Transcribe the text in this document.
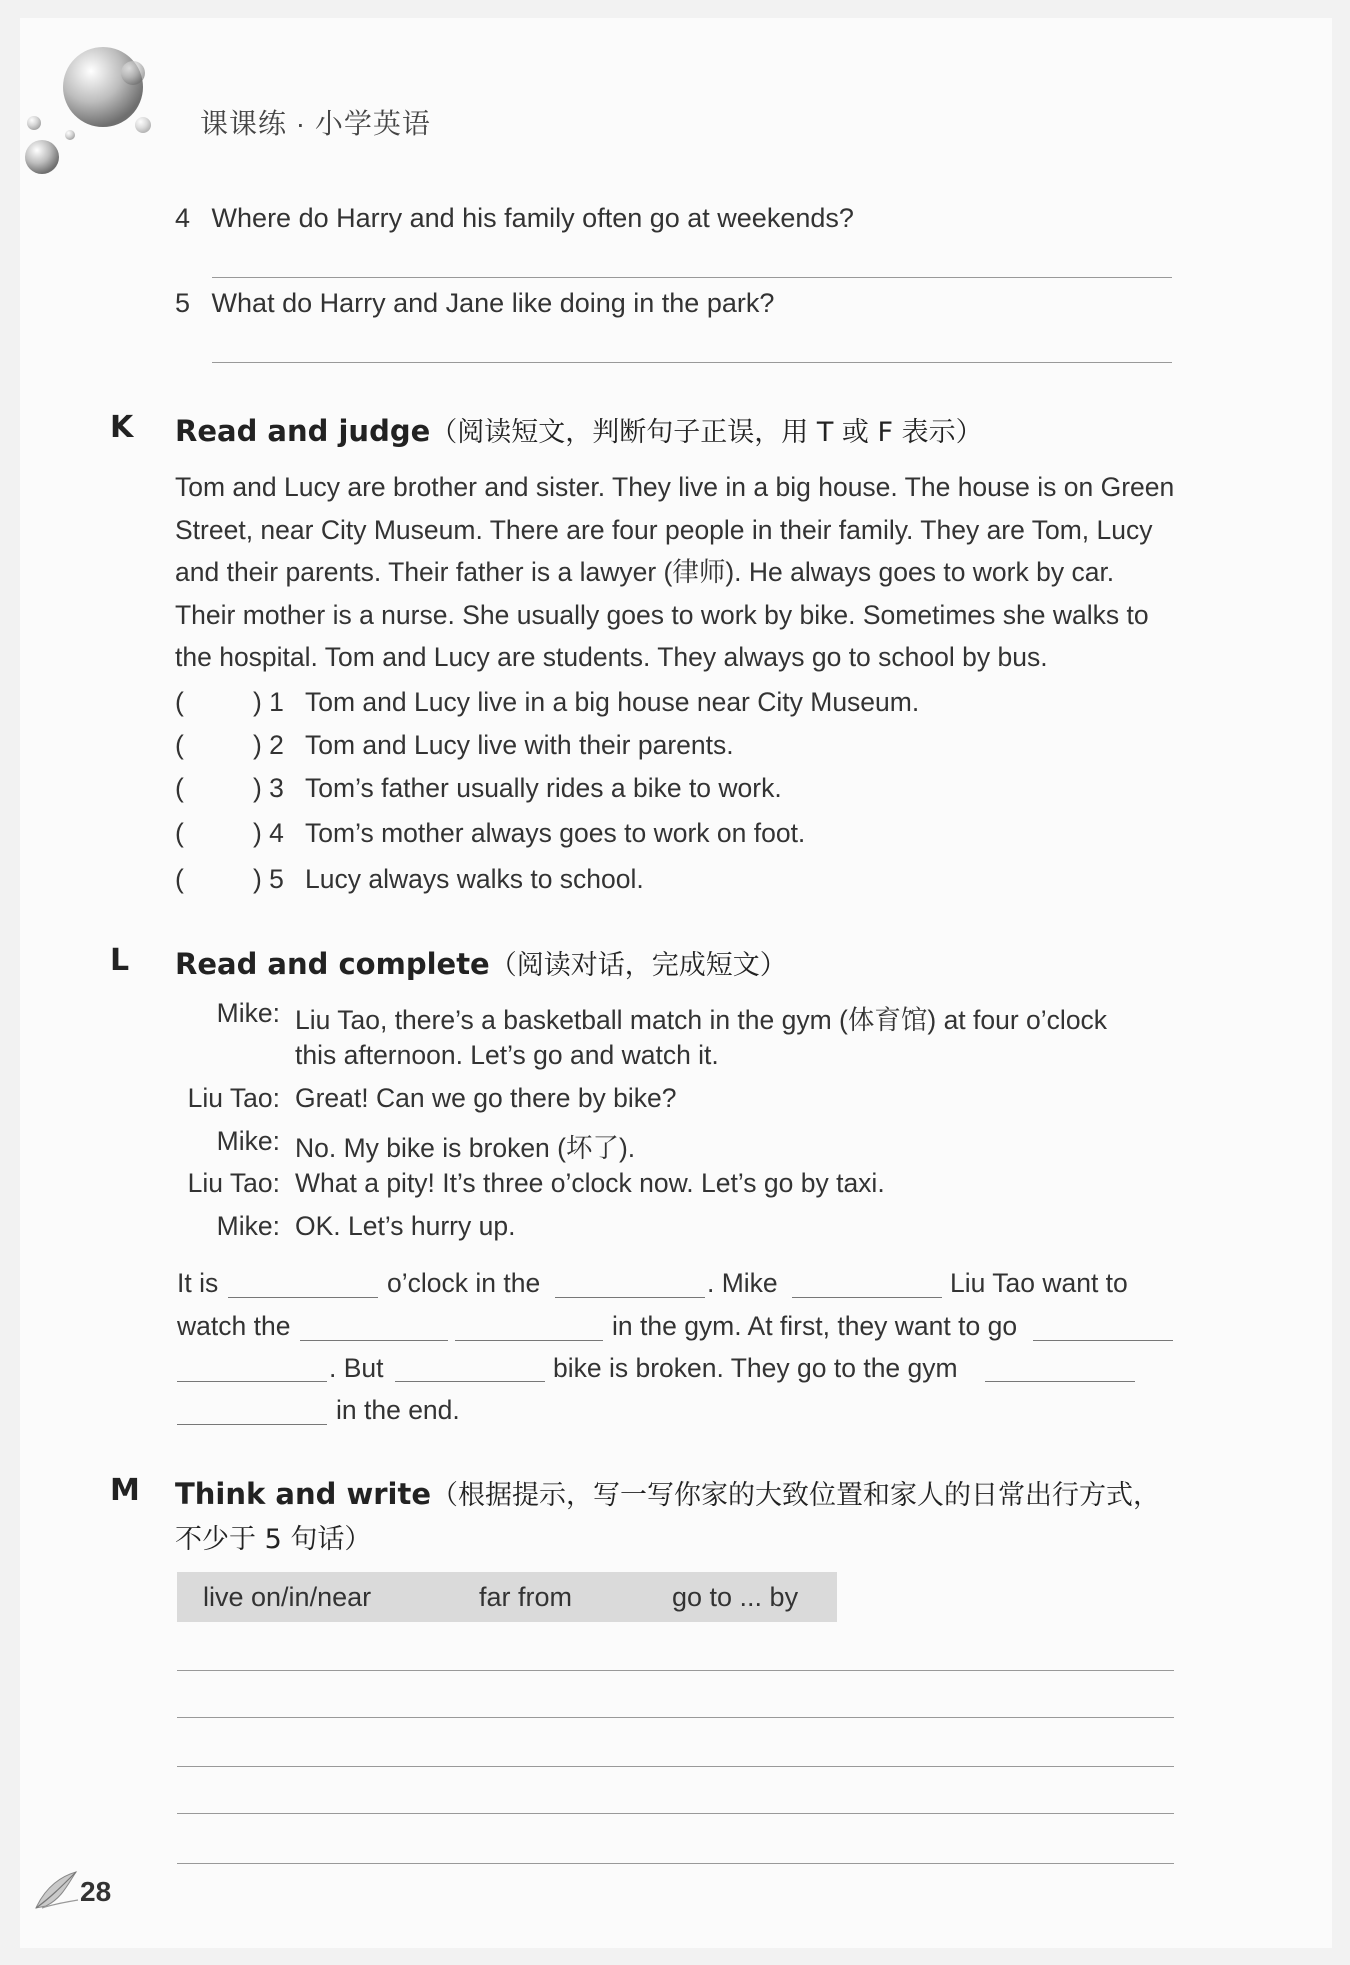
课课练 · 小学英语
4 Where do Harry and his family often go at weekends?
5 What do Harry and Jane like doing in the park?
K Read and judge（阅读短文，判断句子正误，用 T 或 F 表示）
Tom and Lucy are brother and sister. They live in a big house. The house is on Green
Street, near City Museum. There are four people in their family. They are Tom, Lucy
and their parents. Their father is a lawyer (律师). He always goes to work by car.
Their mother is a nurse. She usually goes to work by bike. Sometimes she walks to
the hospital. Tom and Lucy are students. They always go to school by bus.
(	) 1 Tom and Lucy live in a big house near City Museum.
(	) 2 Tom and Lucy live with their parents.
(	) 3 Tom’s father usually rides a bike to work.
(	) 4 Tom’s mother always goes to work on foot.
(	) 5 Lucy always walks to school.
L Read and complete（阅读对话，完成短文）
Mike: Liu Tao, there’s a basketball match in the gym (体育馆) at four o’clock
this afternoon. Let’s go and watch it.
Liu Tao: Great! Can we go there by bike?
Mike: No. My bike is broken (坏了).
Liu Tao: What a pity! It’s three o’clock now. Let’s go by taxi.
Mike: OK. Let’s hurry up.
It is	o’clock in the	. Mike	Liu Tao want to
watch the	in the gym. At first, they want to go
. But	bike is broken. They go to the gym
in the end.
M Think and write（根据提示，写一写你家的大致位置和家人的日常出行方式，
不少于 5 句话）
live on/in/near	far from	go to ... by
28
